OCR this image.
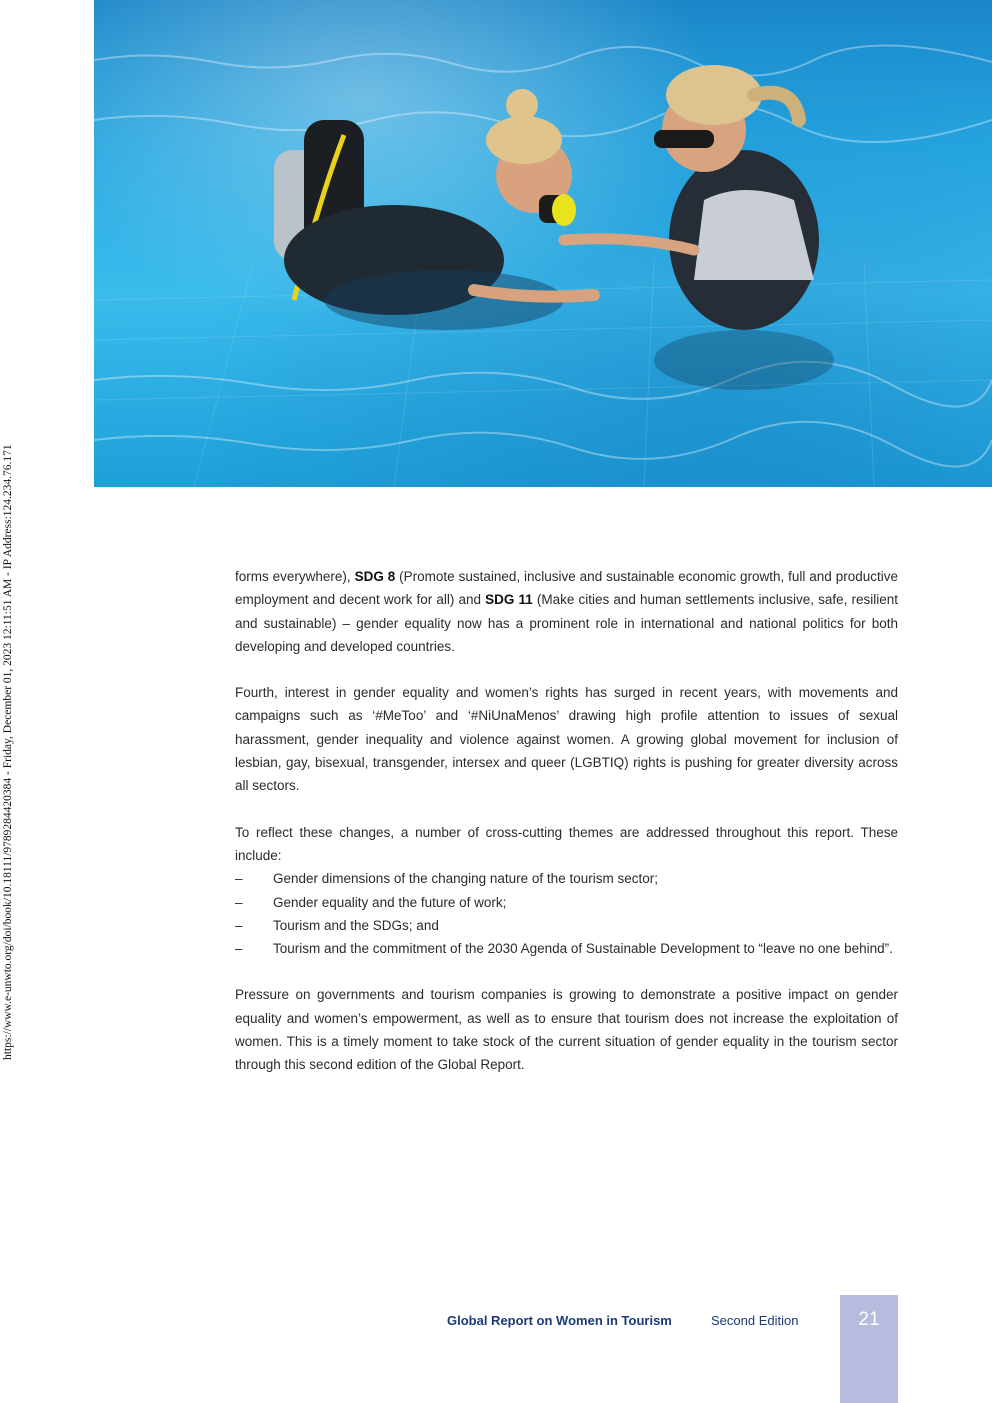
https://www.e-unwto.org/doi/book/10.18111/9789284420384 - Friday, December 01, 2023 12:11:51 AM - IP Address:124.234.76.171	forms everywhere), SDG 8 (Promote sustained, inclusive and sustainable economic growth, full and productive employment and decent work for all) and SDG 11 (Make cities and human settlements inclusive, safe, resilient and sustainable) – gender equality now has a prominent role in international and national politics for both developing and developed countries.

Fourth, interest in gender equality and women’s rights has surged in recent years, with movements and campaigns such as ‘#MeToo’ and ‘#NiUnaMenos’ drawing high profile attention to issues of sexual harassment, gender inequality and violence against women. A growing global movement for inclusion of lesbian, gay, bisexual, transgender, intersex and queer (LGBTIQ) rights is pushing for greater diversity across all sectors.

To reflect these changes, a number of cross-cutting themes are addressed throughout this report. These include:

– Gender dimensions of the changing nature of the tourism sector;
– Gender equality and the future of work;
– Tourism and the SDGs; and
– Tourism and the commitment of the 2030 Agenda of Sustainable Development to “leave no one behind”.

Pressure on governments and tourism companies is growing to demonstrate a positive impact on gender equality and women’s empowerment, as well as to ensure that tourism does not increase the exploitation of women. This is a timely moment to take stock of the current situation of gender equality in the tourism sector through this second edition of the Global Report.

Global Report on Women in Tourism	Second Edition	21
